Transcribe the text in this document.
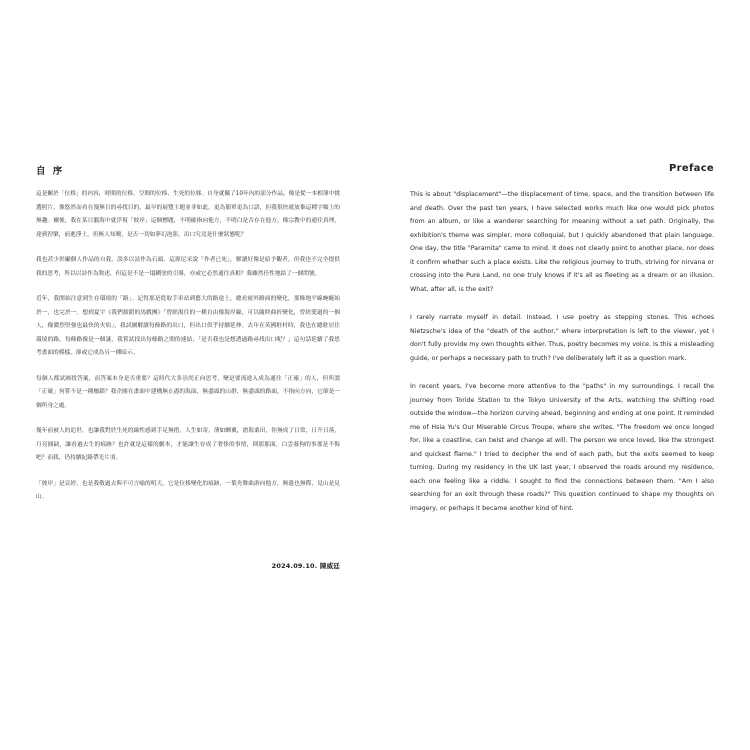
自 序

這是關於「位移」的內容，時間的位移、空間的位移、生死的位移。自身就攝了10年內的部分作品，像是從一本相簿中挑選照片，像悠然而看在漫無目的尋找目的，最早的展覽主題並非如此，更為簡單更為口語，但我很快就放棄這種字順上的無趣。爾後，我在某日腦海中就浮現「彼岸」這個標題，不明確指向他方，不明白是否存在他方，像宗教中的通往真理，達到涅槃，前進淨土，但無人知曉，是否一切如夢幻泡影，出口究竟是什麼狀態呢？

我也甚少彰顯個人作品的自我，誤多以詩作為石頭，這源尼采說「作者已死」，解讀好像是給予觀者，但我也不完全提供我的思考，所以以詩作為敘述，但這是不是一塌糊塗的引導，亦或它必然通往真相？我雖然任性地給了一個問號。

近年，我開始注意到生存環境的「路」。記得那是從取手車站到藝大的路途上，總看窗外路面的變化，那條地平線蜿蜒始於一，也完於一。想到夏宇《我們拔錯的馬戲團》「曾經渴往的一種自由像海岸線，可以隨時曲折變化，曾經愛過的一個人，像濃烈堅強也最快的火焰」，我試圖解讀每條路的出口，但出口似乎持續延伸。去年在英國駐村時，我也在總駐居住環境的路，每條路像是一個謎，我嘗試找出每條路之間的連結，「是否我也是想透過路尋找出口呢？」這句話延續了我思考畫面的模樣，卻或它成為另一種暗示。

每個人都試圖找答案，而答案本身是否重要？這時代大多崇尚正向思考，變是要流進入成為通往「正確」的人，但所謂「正確」何嘗不是一種枷鎖？我企圖在畫面中建構無止盡的海面、無盡頭的山群、無盡頭的路面，不指向方向，它卻是一個所身之處。

幾年前被人的追世，也讓我對於生死的線性感到手足無措，人生如寄，薄如蟬翼，滄海桑田，你無成了日常，日升日落，月亮圓缺，讓看過去生的痕跡？也許就是這樣的劇本，才能讓生存成了奢侈的事情，則那那面，白雲養狗的事那是不悔吧？而我，仍持續紀錄帶光片羽。

「彼岸」是哀婷，也是我敬過去與不可言喻的明天，它是位移變化的痕跡，一葉舟舞曲游向他方，無遺也無際，見山是見山。

2024.09.10. 陳威廷
Preface

This is about "displacement"—the displacement of time, space, and the transition between life and death. Over the past ten years, I have selected works much like one would pick photos from an album, or like a wanderer searching for meaning without a set path. Originally, the exhibition's theme was simpler, more colloquial, but I quickly abandoned that plain language. One day, the title "Paramita" came to mind. It does not clearly point to another place, nor does it confirm whether such a place exists. Like the religious journey to truth, striving for nirvana or crossing into the Pure Land, no one truly knows if it's all as fleeting as a dream or an illusion. What, after all, is the exit?

I rarely narrate myself in detail. Instead, I use poetry as stepping stones. This echoes Nietzsche's idea of the "death of the author," where interpretation is left to the viewer, yet I don't fully provide my own thoughts either. Thus, poetry becomes my voice. Is this a misleading guide, or perhaps a necessary path to truth? I've deliberately left it as a question mark.

In recent years, I've become more attentive to the "paths" in my surroundings. I recall the journey from Toride Station to the Tokyo University of the Arts, watching the shifting road outside the window—the horizon curving ahead, beginning and ending at one point. It reminded me of Hsia Yu's Our Miserable Circus Troupe, where she writes, "The freedom we once longed for, like a coastline, can twist and change at will. The person we once loved, like the strongest and quickest flame." I tried to decipher the end of each path, but the exits seemed to keep turning. During my residency in the UK last year, I observed the roads around my residence, each one feeling like a riddle. I sought to find the connections between them. "Am I also searching for an exit through these roads?" This question continued to shape my thoughts on imagery, or perhaps it became another kind of hint.
